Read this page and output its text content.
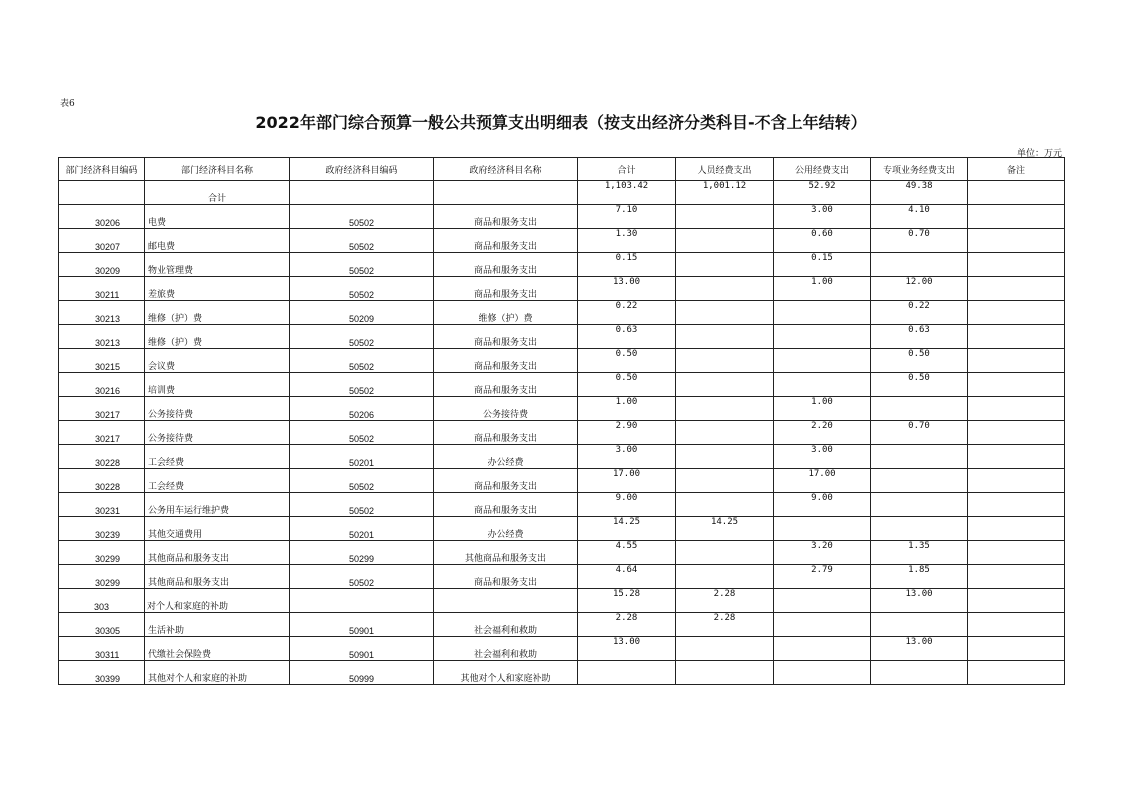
表6
2022年部门综合预算一般公共预算支出明细表（按支出经济分类科目-不含上年结转）
单位：万元
部门经济科目编码	部门经济科目名称	政府经济科目编码	政府经济科目名称	合计	人员经费支出	公用经费支出	专项业务经费支出	备注
	合计			1,103.42	1,001.12	52.92	49.38	
30206	电费	50502	商品和服务支出	7.10		3.00	4.10	
30207	邮电费	50502	商品和服务支出	1.30		0.60	0.70	
30209	物业管理费	50502	商品和服务支出	0.15		0.15		
30211	差旅费	50502	商品和服务支出	13.00		1.00	12.00	
30213	维修（护）费	50209	维修（护）费	0.22			0.22	
30213	维修（护）费	50502	商品和服务支出	0.63			0.63	
30215	会议费	50502	商品和服务支出	0.50			0.50	
30216	培训费	50502	商品和服务支出	0.50			0.50	
30217	公务接待费	50206	公务接待费	1.00		1.00		
30217	公务接待费	50502	商品和服务支出	2.90		2.20	0.70	
30228	工会经费	50201	办公经费	3.00		3.00		
30228	工会经费	50502	商品和服务支出	17.00		17.00		
30231	公务用车运行维护费	50502	商品和服务支出	9.00		9.00		
30239	其他交通费用	50201	办公经费	14.25	14.25			
30299	其他商品和服务支出	50299	其他商品和服务支出	4.55		3.20	1.35	
30299	其他商品和服务支出	50502	商品和服务支出	4.64		2.79	1.85	
303	对个人和家庭的补助			15.28	2.28		13.00	
30305	生活补助	50901	社会福利和救助	2.28	2.28			
30311	代缴社会保险费	50901	社会福利和救助	13.00			13.00	
30399	其他对个人和家庭的补助	50999	其他对个人和家庭补助					
